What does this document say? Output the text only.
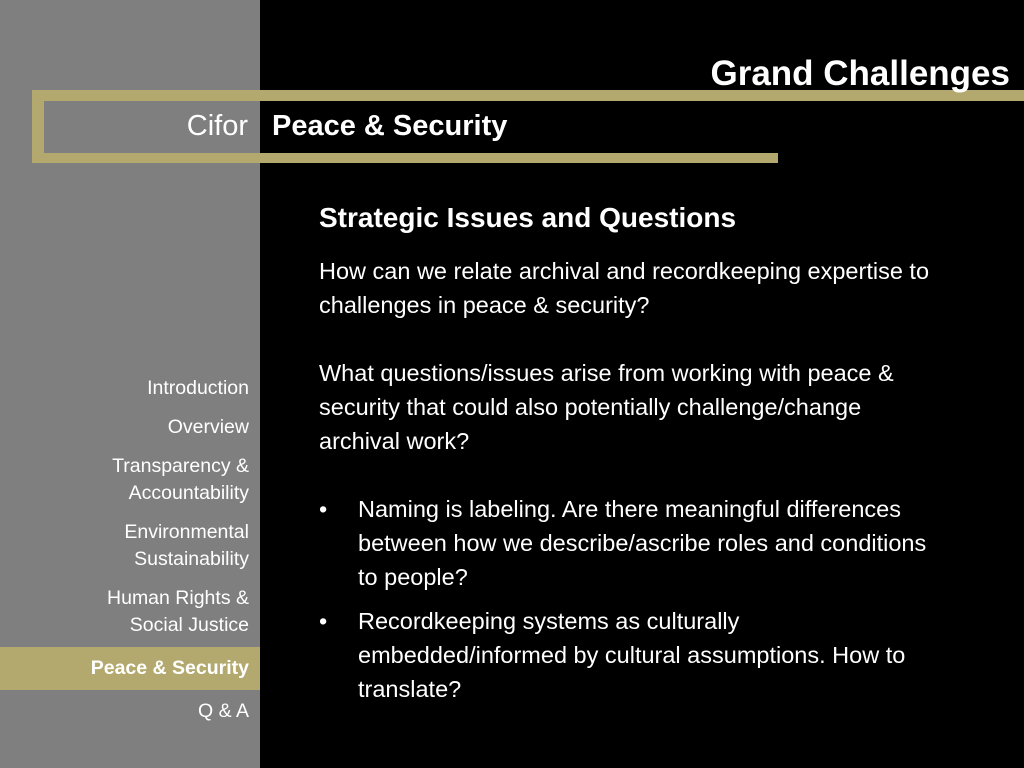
Grand Challenges
Cifor Peace & Security
Strategic Issues and Questions

How can we relate archival and recordkeeping expertise to challenges in peace & security?

What questions/issues arise from working with peace & security that could also potentially challenge/change archival work?

• Naming is labeling. Are there meaningful differences between how we describe/ascribe roles and conditions to people?
• Recordkeeping systems as culturally embedded/informed by cultural assumptions. How to translate?
Introduction
Overview
Transparency &
Accountability
Environmental
Sustainability
Human Rights &
Social Justice
Peace & Security
Q & A
